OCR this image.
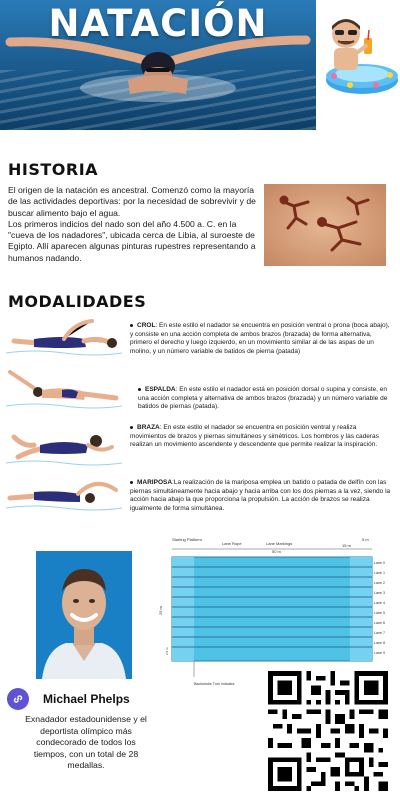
NATACIÓN
HISTORIA

El origen de la natación es ancestral. Comenzó como la mayoría de las actividades deportivas: por la necesidad de sobrevivir y de buscar alimento bajo el agua.

Los primeros indicios del nado son del año 4.500 a. C. en la "cueva de los nadadores", ubicada cerca de Libia, al suroeste de Egipto. Allí aparecen algunas pinturas rupestres representando a humanos nadando.

MODALIDADES
CROL: En este estilo el nadador se encuentra en posición ventral o prona (boca abajo), y consiste en una acción completa de ambos brazos (brazada) de forma alternativa, primero el derecho y luego izquierdo, en un movimiento similar al de las aspas de un molino, y un número variable de batidos de pierna (patada)
ESPALDA: En este estilo el nadador está en posición dorsal o supina y consiste, en una acción completa y alternativa de ambos brazos (brazada) y un número variable de batidos de piernas (patada).
BRAZA: En este estilo el nadador se encuentra en posición ventral y realiza movimientos de brazos y piernas simultáneos y simétricos. Los hombros y las caderas realizan un movimiento ascendente y descendente que permite realizar la inspiración.
MARIPOSA:La realización de la mariposa emplea un batido o patada de delfín con las piernas simultáneamente hacia abajo y hacia arriba con los dos piernas a la vez, siendo la acción hacia abajo la que proporciona la propulsión. La acción de brazos se realiza igualmente de forma simultánea.
Michael Phelps
Exnadador estadounidense y el deportista olímpico más condecorado de todos los tiempos, con un total de 28 medallas.
Starting Platform
Lane Rope	Lane Markings
5 m
15 m
50 m
Lane 0
Lane 1
Lane 2
Lane 3
Lane 4
Lane 5
Lane 6
Lane 7
Lane 8
Lane 9
25 m
2.5 m
Backstroke Turn Indicator
